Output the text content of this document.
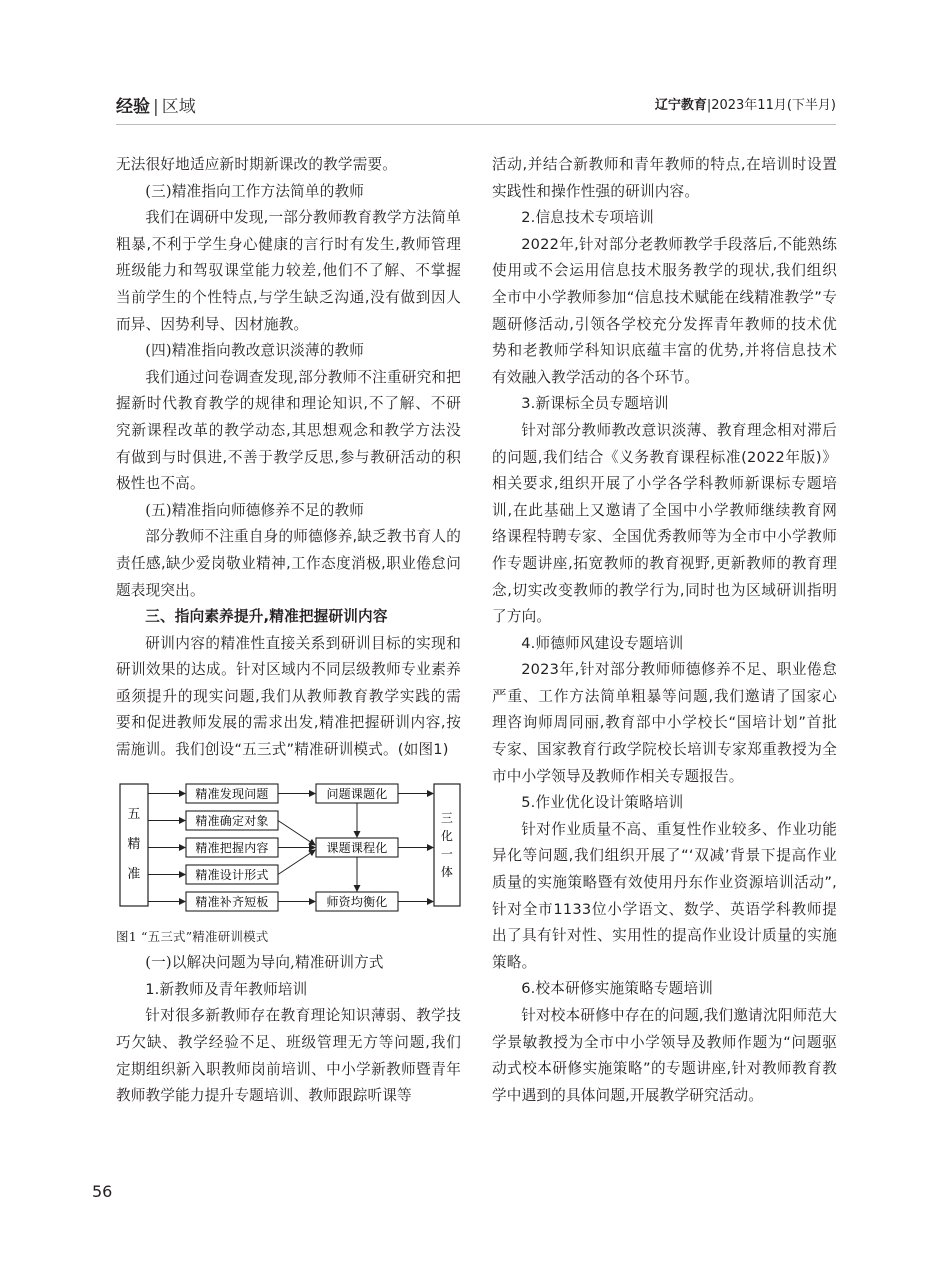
经验 | 区域	辽宁教育|2023年11月(下半月)

无法很好地适应新时期新课改的教学需要。

(三)精准指向工作方法简单的教师

我们在调研中发现,一部分教师教育教学方法简单粗暴,不利于学生身心健康的言行时有发生,教师管理班级能力和驾驭课堂能力较差,他们不了解、不掌握当前学生的个性特点,与学生缺乏沟通,没有做到因人而异、因势利导、因材施教。

(四)精准指向教改意识淡薄的教师

我们通过问卷调查发现,部分教师不注重研究和把握新时代教育教学的规律和理论知识,不了解、不研究新课程改革的教学动态,其思想观念和教学方法没有做到与时俱进,不善于教学反思,参与教研活动的积极性也不高。

(五)精准指向师德修养不足的教师

部分教师不注重自身的师德修养,缺乏教书育人的责任感,缺少爱岗敬业精神,工作态度消极,职业倦怠问题表现突出。

三、指向素养提升,精准把握研训内容

研训内容的精准性直接关系到研训目标的实现和研训效果的达成。针对区域内不同层级教师专业素养亟须提升的现实问题,我们从教师教育教学实践的需要和促进教师发展的需求出发,精准把握研训内容,按需施训。我们创设“五三式”精准研训模式。(如图1)

五
精
准
精准发现问题
精准确定对象
精准把握内容
精准设计形式
精准补齐短板
问题课题化
课题课程化
师资均衡化
三
化
一
体

图1 “五三式”精准研训模式

(一)以解决问题为导向,精准研训方式

1.新教师及青年教师培训

针对很多新教师存在教育理论知识薄弱、教学技巧欠缺、教学经验不足、班级管理无方等问题,我们定期组织新入职教师岗前培训、中小学新教师暨青年教师教学能力提升专题培训、教师跟踪听课等

活动,并结合新教师和青年教师的特点,在培训时设置实践性和操作性强的研训内容。

2.信息技术专项培训

2022年,针对部分老教师教学手段落后,不能熟练使用或不会运用信息技术服务教学的现状,我们组织全市中小学教师参加“信息技术赋能在线精准教学”专题研修活动,引领各学校充分发挥青年教师的技术优势和老教师学科知识底蕴丰富的优势,并将信息技术有效融入教学活动的各个环节。

3.新课标全员专题培训

针对部分教师教改意识淡薄、教育理念相对滞后的问题,我们结合《义务教育课程标准(2022年版)》相关要求,组织开展了小学各学科教师新课标专题培训,在此基础上又邀请了全国中小学教师继续教育网络课程特聘专家、全国优秀教师等为全市中小学教师作专题讲座,拓宽教师的教育视野,更新教师的教育理念,切实改变教师的教学行为,同时也为区域研训指明了方向。

4.师德师风建设专题培训

2023年,针对部分教师师德修养不足、职业倦怠严重、工作方法简单粗暴等问题,我们邀请了国家心理咨询师周同丽,教育部中小学校长“国培计划”首批专家、国家教育行政学院校长培训专家郑重教授为全市中小学领导及教师作相关专题报告。

5.作业优化设计策略培训

针对作业质量不高、重复性作业较多、作业功能异化等问题,我们组织开展了“‘双减’背景下提高作业质量的实施策略暨有效使用丹东作业资源培训活动”,针对全市1133位小学语文、数学、英语学科教师提出了具有针对性、实用性的提高作业设计质量的实施策略。

6.校本研修实施策略专题培训

针对校本研修中存在的问题,我们邀请沈阳师范大学景敏教授为全市中小学领导及教师作题为“问题驱动式校本研修实施策略”的专题讲座,针对教师教育教学中遇到的具体问题,开展教学研究活动。

56
